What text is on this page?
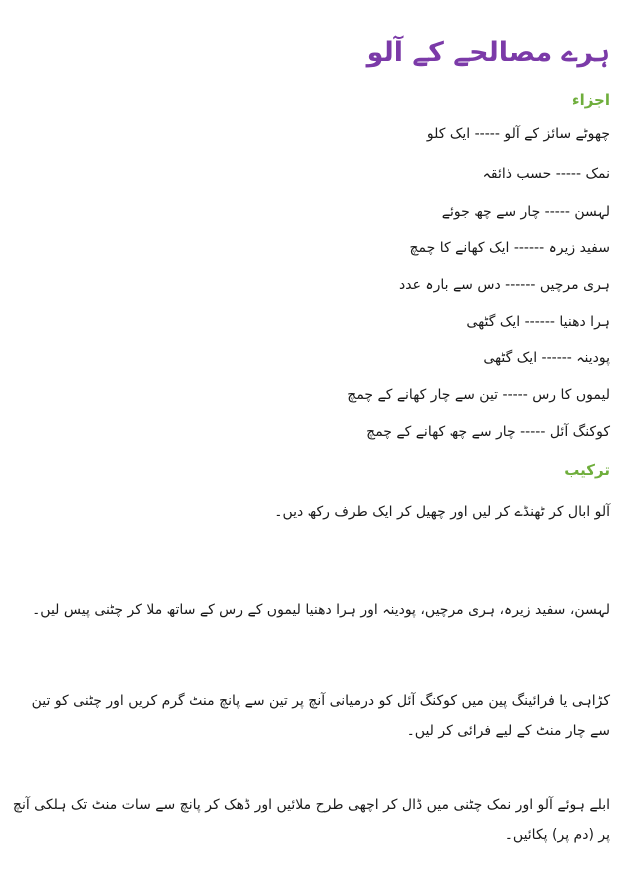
ہرے مصالحے کے آلو
اجزاء

چھوٹے سائز کے آلو ----- ایک کلو

نمک ----- حسب ذائقہ

لہسن ----- چار سے چھ جوئے

سفید زیرہ ------ ایک کھانے کا چمچ

ہری مرچیں ------ دس سے بارہ عدد

ہرا دھنیا ------ ایک گٹھی

پودینہ ------ ایک گٹھی

لیموں کا رس ----- تین سے چار کھانے کے چمچ

کوکنگ آئل ----- چار سے چھ کھانے کے چمچ

ترکیب

آلو ابال کر ٹھنڈے کر لیں اور چھیل کر ایک طرف رکھ دیں۔

لہسن، سفید زیرہ، ہری مرچیں، پودینہ اور ہرا دھنیا لیموں کے رس کے ساتھ ملا کر چٹنی پیس لیں۔

کڑاہی یا فرائینگ پین میں کوکنگ آئل کو درمیانی آنچ پر تین سے پانچ منٹ گرم کریں اور چٹنی کو تین سے چار منٹ کے لیے فرائی کر لیں۔

ابلے ہوئے آلو اور نمک چٹنی میں ڈال کر اچھی طرح ملائیں اور ڈھک کر پانچ سے سات منٹ تک ہلکی آنچ پر (دم پر) پکائیں۔
